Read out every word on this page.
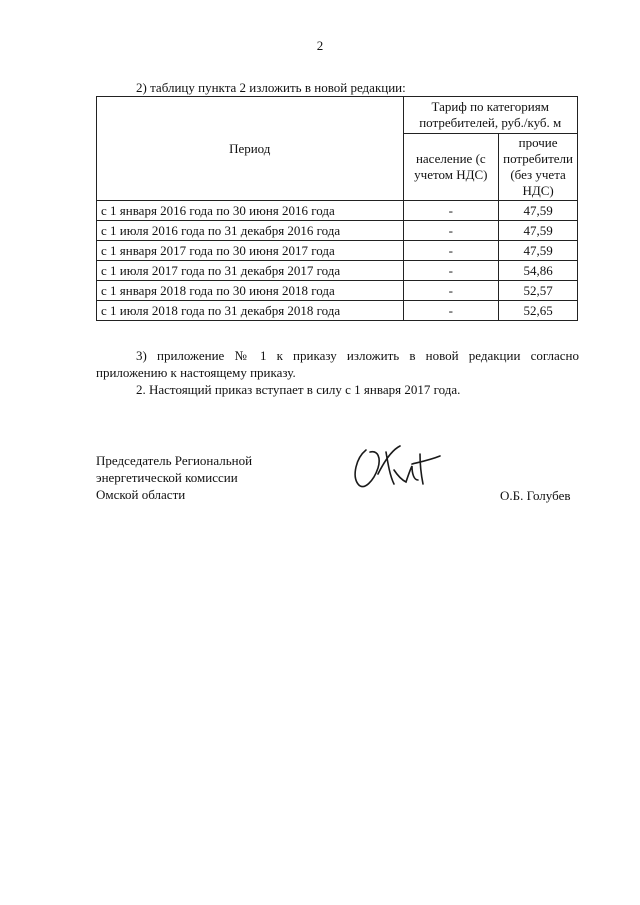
2
2) таблицу пункта 2 изложить в новой редакции:
Период	Тариф по категориям потребителей, руб./куб. м	
	население (с учетом НДС)	прочие потребители (без учета НДС)
с 1 января 2016 года по 30 июня 2016 года	-	47,59
с 1 июля 2016 года по 31 декабря 2016 года	-	47,59
с 1 января 2017 года по 30 июня 2017 года	-	47,59
с 1 июля 2017 года по 31 декабря 2017 года	-	54,86
с 1 января 2018 года по 30 июня 2018 года	-	52,57
с 1 июля 2018 года по 31 декабря 2018 года	-	52,65
3) приложение № 1 к приказу изложить в новой редакции согласно
приложению к настоящему приказу.
2. Настоящий приказ вступает в силу с 1 января 2017 года.
Председатель Региональной
энергетической комиссии
Омской области	О.Б. Голубев
